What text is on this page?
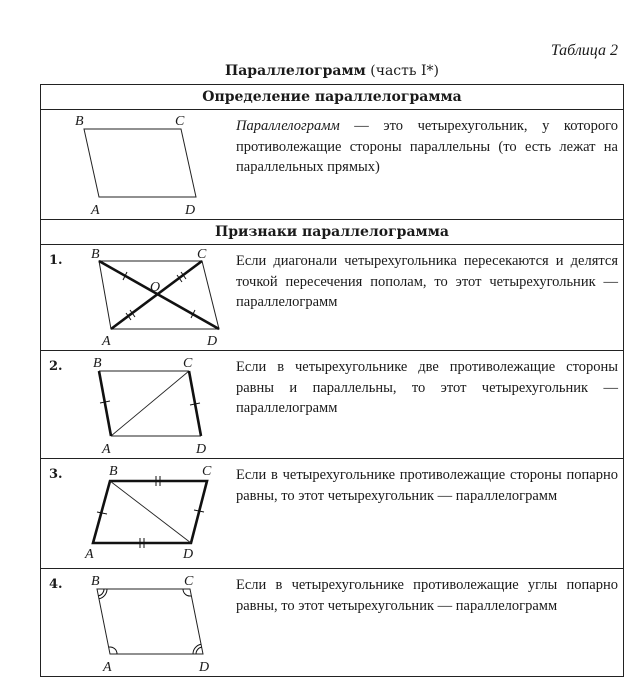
Таблица 2
Параллелограмм (часть I*)
Определение параллелограмма
B	C
A	D
Параллелограмм — это четырехугольник, у которого противолежащие стороны параллельны (то есть лежат на параллельных прямых)
Признаки параллелограмма
1. B	C
A	D
O
Если диагонали четырехугольника пересекаются и делятся точкой пересечения пополам, то этот четырехугольник — параллелограмм
2. B	C
A	D
Если в четырехугольнике две противолежащие стороны равны и параллельны, то этот четырехугольник — параллелограмм
3.	B	C
A	D
Если в четырехугольнике противолежащие стороны попарно равны, то этот четырехугольник — параллелограмм
4. B	C
A	D
Если в четырехугольнике противолежащие углы попарно равны, то этот четырехугольник — параллелограмм
